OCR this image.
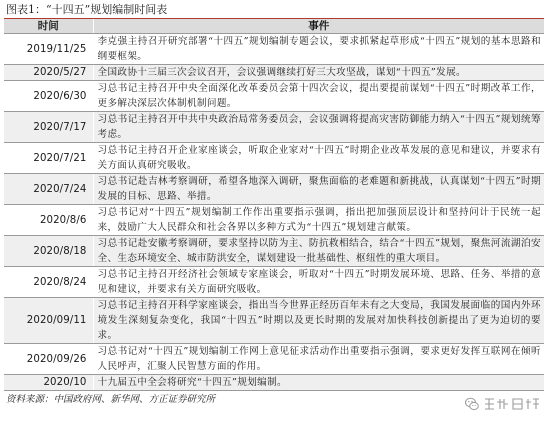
图表1：“十四五”规划编制时间表
时间	事件
2019/11/25	李克强主持召开研究部署“十四五”规划编制专题会议，要求抓紧起草形成“十四五”规划的基本思路和纲要框架。
2020/5/27	全国政协十三届三次会议召开，会议强调继续打好三大攻坚战，谋划“十四五”发展。
2020/6/30	习总书记主持召开中央全面深化改革委员会第十四次会议，提出要提前谋划“十四五”时期改革工作，更多解决深层次体制机制问题。
2020/7/17	习总书记主持召开中共中央政治局常务委员会，会议强调将提高灾害防御能力纳入“十四五”规划统筹考虑。
2020/7/21	习总书记主持召开企业家座谈会，听取企业家对“十四五”时期企业改革发展的意见和建议，并要求有关方面认真研究吸收。
2020/7/24	习总书记赴吉林考察调研，希望各地深入调研，聚焦面临的老难题和新挑战，认真谋划“十四五”时期发展的目标、思路、举措。
2020/8/6	习总书记对“十四五”规划编制工作作出重要指示强调，指出把加强顶层设计和坚持问计于民统一起来，鼓励广大人民群众和社会各界以多种方式为“十四五”规划建言献策。
2020/8/18	习总书记赴安徽考察调研，要求坚持以防为主、防抗救相结合，结合“十四五”规划，聚焦河流湖泊安全、生态环境安全、城市防洪安全，谋划建设一批基础性、枢纽性的重大项目。
2020/8/24	习总书记主持召开经济社会领域专家座谈会，听取对“十四五”时期发展环境、思路、任务、举措的意见和建议，并要求有关方面研究吸收。
2020/09/11	习总书记主持召开科学家座谈会，指出当今世界正经历百年未有之大变局，我国发展面临的国内外环境发生深刻复杂变化，我国“十四五”时期以及更长时期的发展对加快科技创新提出了更为迫切的要求。
2020/09/26	习总书记对“十四五”规划编制工作网上意见征求活动作出重要指示强调，要求更好发挥互联网在倾听人民呼声，汇聚人民智慧方面的作用。
2020/10	十九届五中全会将研究“十四五”规划编制。
资料来源：中国政府网、新华网、方正证券研究所
